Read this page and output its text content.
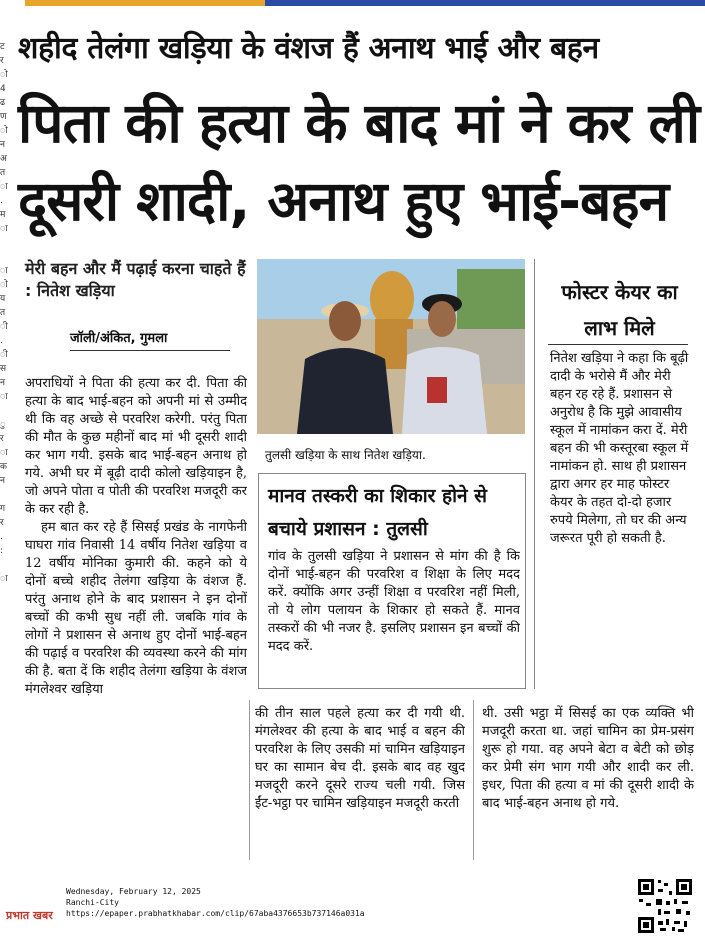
ट
र
ो
4
ढ
ण
ो
न
अ
त
ा
.
म
ा

ा
ो
य
त
ी
.
ी
स
न
ा

ु
र
ा
क
न

ग
र
.
:

ा
शहीद तेलंगा खड़िया के वंशज हैं अनाथ भाई और बहन
पिता की हत्या के बाद मां ने कर ली दूसरी शादी, अनाथ हुए भाई-बहन
मेरी बहन और मैं पढ़ाई करना चाहते हैं : नितेश खड़िया
जॉली/अंकित, गुमला

अपराधियों ने पिता की हत्या कर दी. पिता की हत्या के बाद भाई-बहन को अपनी मां से उम्मीद थी कि वह अच्छे से परवरिश करेगी. परंतु पिता की मौत के कुछ महीनों बाद मां भी दूसरी शादी कर भाग गयी. इसके बाद भाई-बहन अनाथ हो गये. अभी घर में बूढ़ी दादी कोलो खड़ियाइन है, जो अपने पोता व पोती की परवरिश मजदूरी कर के कर रही है.

हम बात कर रहे हैं सिसई प्रखंड के नागफेनी घाघरा गांव निवासी 14 वर्षीय नितेश खड़िया व 12 वर्षीय मोनिका कुमारी की. कहने को ये दोनों बच्चे शहीद तेलंगा खड़िया के वंशज हैं. परंतु अनाथ होने के बाद प्रशासन ने इन दोनों बच्चों की कभी सुध नहीं ली. जबकि गांव के लोगों ने प्रशासन से अनाथ हुए दोनों भाई-बहन की पढ़ाई व परवरिश की व्यवस्था करने की मांग की है. बता दें कि शहीद तेलंगा खड़िया के वंशज मंगलेश्वर खड़िया

तुलसी खड़िया के साथ नितेश खड़िया.
मानव तस्करी का शिकार होने से बचाये प्रशासन : तुलसी
गांव के तुलसी खड़िया ने प्रशासन से मांग की है कि दोनों भाई-बहन की परवरिश व शिक्षा के लिए मदद करें. क्योंकि अगर उन्हीं शिक्षा व परवरिश नहीं मिली, तो ये लोग पलायन के शिकार हो सकते हैं. मानव तस्करों की भी नजर है. इसलिए प्रशासन इन बच्चों की मदद करें.
फोस्टर केयर का लाभ मिले
नितेश खड़िया ने कहा कि बूढ़ी दादी के भरोसे मैं और मेरी बहन रह रहे हैं. प्रशासन से अनुरोध है कि मुझे आवासीय स्कूल में नामांकन करा दें. मेरी बहन की भी कस्तूरबा स्कूल में नामांकन हो. साथ ही प्रशासन द्वारा अगर हर माह फोस्टर केयर के तहत दो-दो हजार रुपये मिलेगा, तो घर की अन्य जरूरत पूरी हो सकती है.
की तीन साल पहले हत्या कर दी गयी थी. मंगलेश्वर की हत्या के बाद भाई व बहन की परवरिश के लिए उसकी मां चामिन खड़ियाइन घर का सामान बेच दी. इसके बाद वह खुद मजदूरी करने दूसरे राज्य चली गयी. जिस ईंट-भट्ठा पर चामिन खड़ियाइन मजदूरी करती
थी. उसी भट्ठा में सिसई का एक व्यक्ति भी मजदूरी करता था. जहां चामिन का प्रेम-प्रसंग शुरू हो गया. वह अपने बेटा व बेटी को छोड़ कर प्रेमी संग भाग गयी और शादी कर ली. इधर, पिता की हत्या व मां की दूसरी शादी के बाद भाई-बहन अनाथ हो गये.
प्रभात खबर
Wednesday, February 12, 2025
Ranchi-City
https://epaper.prabhatkhabar.com/clip/67aba4376653b737146a031a
